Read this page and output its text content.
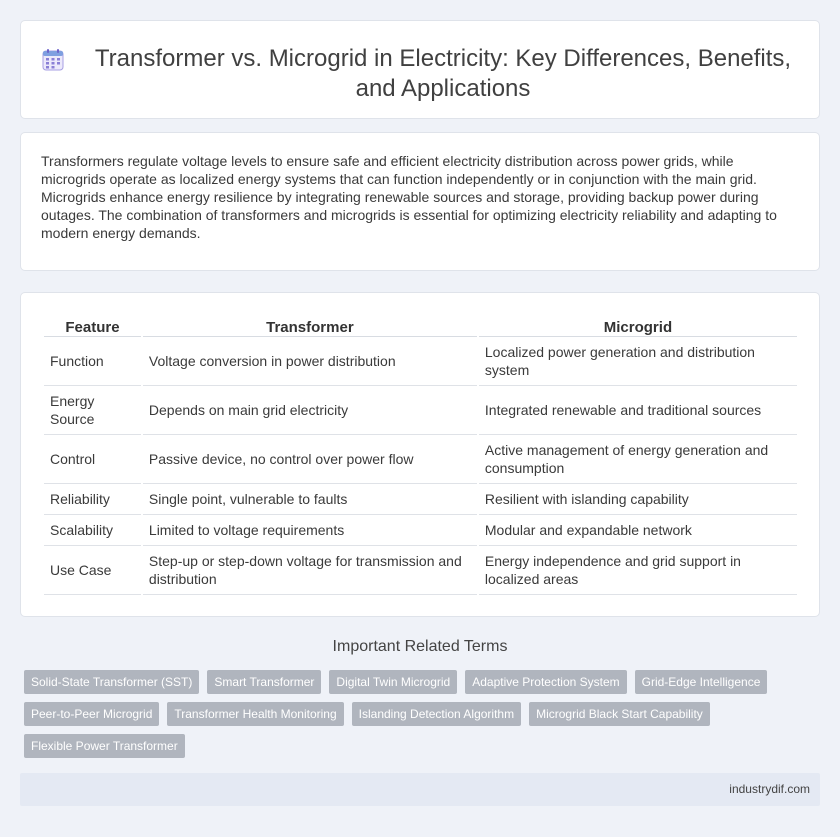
Transformer vs. Microgrid in Electricity: Key Differences, Benefits, and Applications

Transformers regulate voltage levels to ensure safe and efficient electricity distribution across power grids, while microgrids operate as localized energy systems that can function independently or in conjunction with the main grid. Microgrids enhance energy resilience by integrating renewable sources and storage, providing backup power during outages. The combination of transformers and microgrids is essential for optimizing electricity reliability and adapting to modern energy demands.

Feature	Transformer	Microgrid
Function	Voltage conversion in power distribution	Localized power generation and distribution system
Energy Source	Depends on main grid electricity	Integrated renewable and traditional sources
Control	Passive device, no control over power flow	Active management of energy generation and consumption
Reliability	Single point, vulnerable to faults	Resilient with islanding capability
Scalability	Limited to voltage requirements	Modular and expandable network
Use Case	Step-up or step-down voltage for transmission and distribution	Energy independence and grid support in localized areas
Important Related Terms
Solid-State Transformer (SST)	Smart Transformer	Digital Twin Microgrid	Adaptive Protection System	Grid-Edge Intelligence
Peer-to-Peer Microgrid	Transformer Health Monitoring	Islanding Detection Algorithm	Microgrid Black Start Capability
Flexible Power Transformer
industrydif.com
